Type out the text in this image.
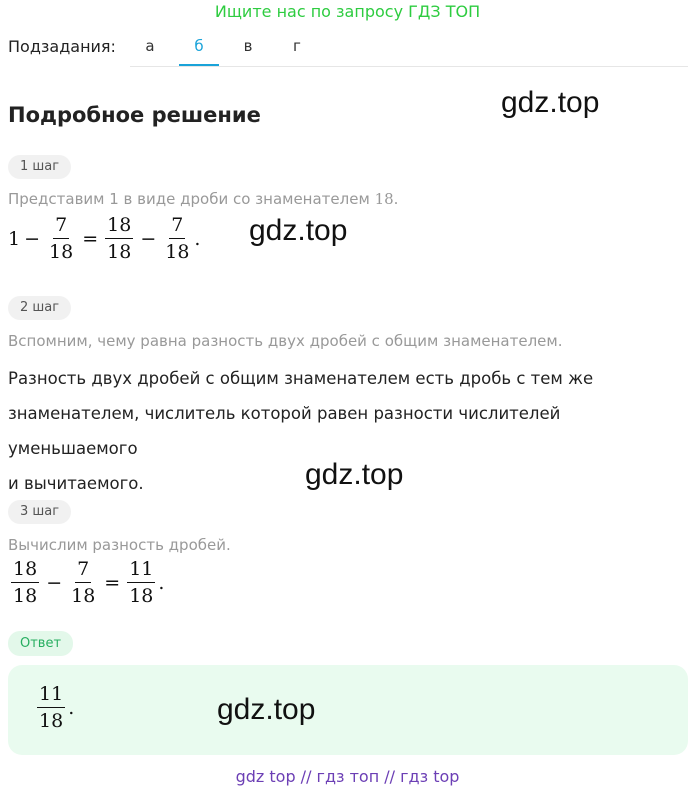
Ищите нас по запросу ГДЗ ТОП
Подзадания:	а	б	в	г
Подробное решение	gdz.top
1 шаг
Представим 1 в виде дроби со знаменателем 18.
$1 - \frac{7}{18} = \frac{18}{18} - \frac{7}{18}$ . gdz.top
2 шаг
Вспомним, чему равна разность двух дробей с общим знаменателем.
Разность двух дробей с общим знаменателем есть дробь с тем же
знаменателем, числитель которой равен разности числителей уменьшаемого
и вычитаемого.	gdz.top
3 шаг
Вычислим разность дробей.
$\frac{18}{18} - \frac{7}{18} = \frac{11}{18}$ .
Ответ
$\frac{11}{18}$ .	gdz.top
gdz top // гдз топ // гдз top
